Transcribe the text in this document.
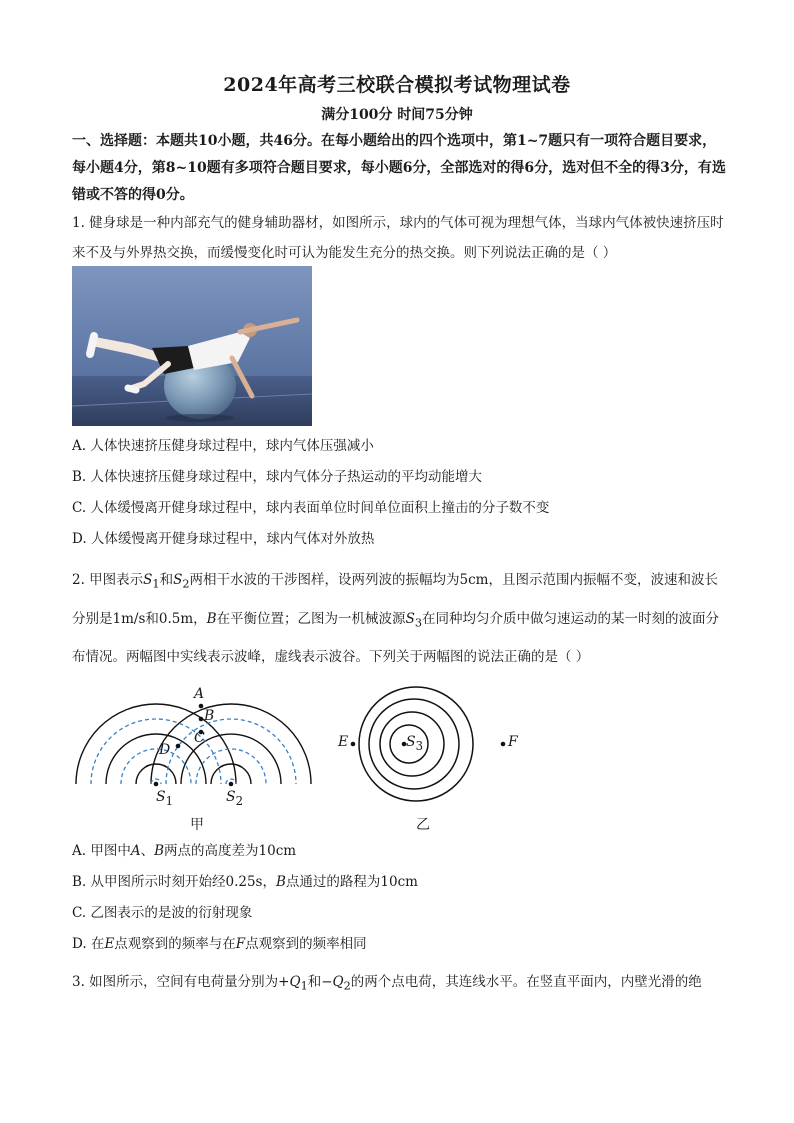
2024年高考三校联合模拟考试物理试卷
满分100分 时间75分钟
一、选择题：本题共10小题，共46分。在每小题给出的四个选项中，第1~7题只有一项符合题目要求，每小题4分，第8~10题有多项符合题目要求，每小题6分，全部选对的得6分，选对但不全的得3分，有选错或不答的得0分。
1. 健身球是一种内部充气的健身辅助器材，如图所示，球内的气体可视为理想气体，当球内气体被快速挤压时来不及与外界热交换，而缓慢变化时可认为能发生充分的热交换。则下列说法正确的是（ ）
A. 人体快速挤压健身球过程中，球内气体压强减小
B. 人体快速挤压健身球过程中，球内气体分子热运动的平均动能增大
C. 人体缓慢离开健身球过程中，球内表面单位时间单位面积上撞击的分子数不变
D. 人体缓慢离开健身球过程中，球内气体对外放热
2. 甲图表示$S_1$和$S_2$两相干水波的干涉图样，设两列波的振幅均为5cm，且图示范围内振幅不变，波速和波长分别是1m/s和0.5m，B在平衡位置；乙图为一机械波源$S_3$在同种均匀介质中做匀速运动的某一时刻的波面分布情况。两幅图中实线表示波峰，虚线表示波谷。下列关于两幅图的说法正确的是（ ）
A
B
C
D
$S_1$	$S_2$
$S_3$
E	F
甲	乙
A. 甲图中A、B两点的高度差为10cm
B. 从甲图所示时刻开始经0.25s，B点通过的路程为10cm
C. 乙图表示的是波的衍射现象
D. 在E点观察到的频率与在F点观察到的频率相同
3. 如图所示，空间有电荷量分别为$+Q_1$和$-Q_2$的两个点电荷，其连线水平。在竖直平面内，内壁光滑的绝
